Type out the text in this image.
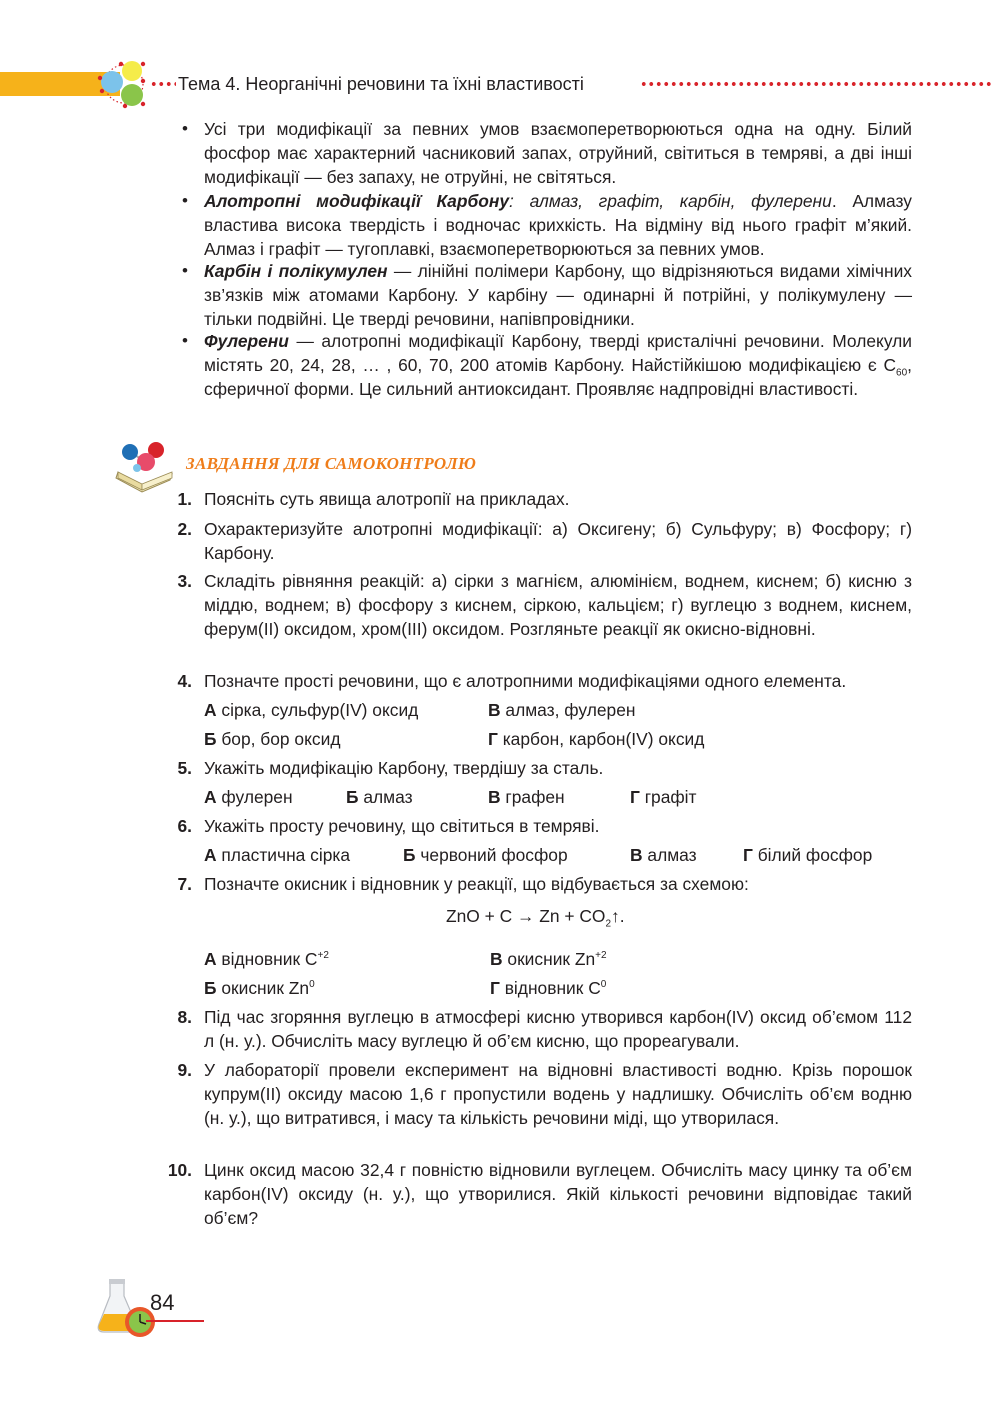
Тема 4. Неорганічні речовини та їхні властивості
• Усі три модифікації за певних умов взаємоперетворюються одна на одну. Білий фосфор має характерний часниковий запах, отруйний, світиться в темряві, а дві інші модифікації — без запаху, не отруйні, не світяться.
• Алотропні модифікації Карбону: алмаз, графіт, карбін, фулерени. Алмазу властива висока твердість і водночас крихкість. На відміну від нього графіт м’який. Алмаз і графіт — тугоплавкі, взаємоперетворюються за певних умов.
• Карбін і полікумулен — лінійні полімери Карбону, що відрізняються видами хімічних зв’язків між атомами Карбону. У карбіну — одинарні й потрійні, у полікумулену — тільки подвійні. Це тверді речовини, напівпровідники.
• Фулерени — алотропні модифікації Карбону, тверді кристалічні речовини. Молекули містять 20, 24, 28, … , 60, 70, 200 атомів Карбону. Найстійкішою модифікацією є $C_{60}$, сферичної форми. Це сильний антиоксидант. Проявляє надпровідні властивості.
ЗАВДАННЯ ДЛЯ САМОКОНТРОЛЮ
1. Поясніть суть явища алотропії на прикладах.
2. Охарактеризуйте алотропні модифікації: а) Оксигену; б) Сульфуру; в) Фосфору; г) Карбону.
3. Складіть рівняння реакцій: а) сірки з магнієм, алюмінієм, воднем, киснем; б) кисню з міддю, воднем; в) фосфору з киснем, сіркою, кальцієм; г) вуглецю з воднем, киснем, ферум(ІІ) оксидом, хром(ІІІ) оксидом. Розгляньте реакції як окисно-відновні.
4. Позначте прості речовини, що є алотропними модифікаціями одного елемента.
А сірка, сульфур(IV) оксид	В алмаз, фулерен
Б бор, бор оксид	Г карбон, карбон(IV) оксид
5. Укажіть модифікацію Карбону, твердішу за сталь.
А фулерен	Б алмаз	В графен	Г графіт
6. Укажіть просту речовину, що світиться в темряві.
А пластична сірка	Б червоний фосфор	В алмаз	Г білий фосфор
7. Позначте окисник і відновник у реакції, що відбувається за схемою:
ZnO + $C \to Zn + CO_2↑$.
А відновник $C^{+2}$	В окисник $Zn^{+2}$
Б окисник Zn$^0$	Г відновник $C^0$
8. Під час згоряння вуглецю в атмосфері кисню утворився карбон(IV) оксид об’ємом 112 л (н. у.). Обчисліть масу вуглецю й об’єм кисню, що прореагували.
9. У лабораторії провели експеримент на відновні властивості водню. Крізь порошок купрум(ІІ) оксиду масою 1,6 г пропустили водень у надлишку. Обчисліть об’єм водню (н. у.), що витратився, і масу та кількість речовини міді, що утворилася.
10. Цинк оксид масою 32,4 г повністю відновили вуглецем. Обчисліть масу цинку та об’єм карбон(IV) оксиду (н. у.), що утворилися. Якій кількості речовини відповідає такий об’єм?
84
